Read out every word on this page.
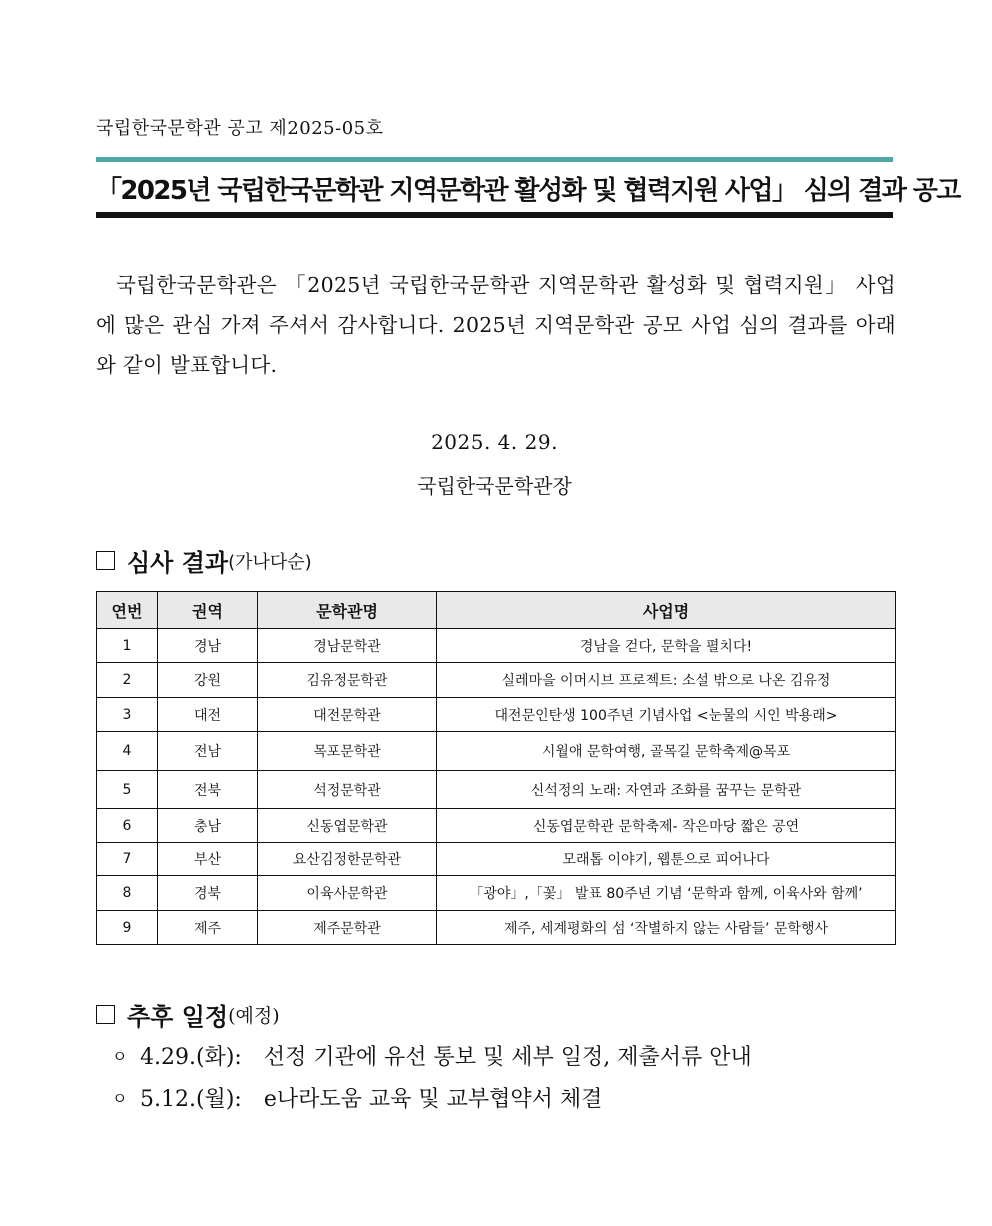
국립한국문학관 공고 제2025-05호
「2025년 국립한국문학관 지역문학관 활성화 및 협력지원 사업」 심의 결과 공고
국립한국문학관은 「2025년 국립한국문학관 지역문학관 활성화 및 협력지원」 사업에 많은 관심 가져 주셔서 감사합니다. 2025년 지역문학관 공모 사업 심의 결과를 아래와 같이 발표합니다.
2025. 4. 29.
국립한국문학관장
심사 결과 (가나다순)
연번	권역	문학관명	사업명
1	경남	경남문학관	경남을 걷다, 문학을 펼치다!
2	강원	김유정문학관	실레마을 이머시브 프로젝트: 소설 밖으로 나온 김유정
3	대전	대전문학관	대전문인탄생 100주년 기념사업 <눈물의 시인 박용래>
4	전남	목포문학관	시월애 문학여행, 골목길 문학축제@목포
5	전북	석정문학관	신석정의 노래: 자연과 조화를 꿈꾸는 문학관
6	충남	신동엽문학관	신동엽문학관 문학축제- 작은마당 짧은 공연
7	부산	요산김정한문학관	모래톱 이야기, 웹툰으로 피어나다
8	경북	이육사문학관	「광야」,「꽃」 발표 80주년 기념 ‘문학과 함께, 이육사와 함께’
9	제주	제주문학관	제주, 세계평화의 섬 ‘작별하지 않는 사람들’ 문학행사
추후 일정 (예정)
ㅇ 4.29.(화): 선정 기관에 유선 통보 및 세부 일정, 제출서류 안내
ㅇ 5.12.(월): e나라도움 교육 및 교부협약서 체결
